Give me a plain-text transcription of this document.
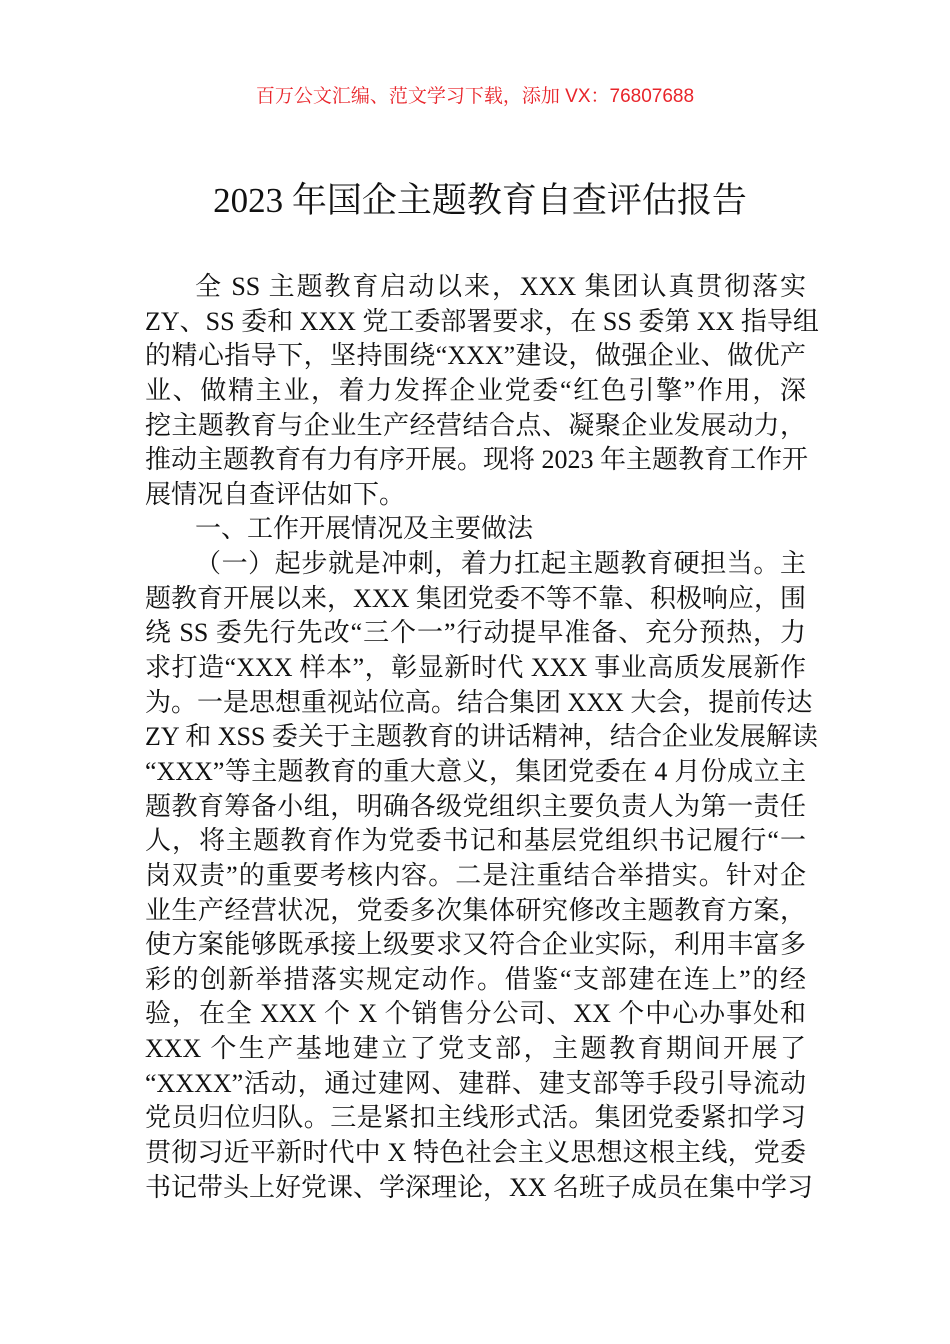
百万公文汇编、范文学习下载，添加 VX：76807688
2023 年国企主题教育自查评估报告
全 SS 主题教育启动以来，XXX 集团认真贯彻落实
ZY、SS 委和 XXX 党工委部署要求，在 SS 委第 XX 指导组
的精心指导下，坚持围绕“XXX”建设，做强企业、做优产
业、做精主业，着力发挥企业党委“红色引擎”作用，深
挖主题教育与企业生产经营结合点、凝聚企业发展动力，
推动主题教育有力有序开展。现将 2023 年主题教育工作开
展情况自查评估如下。
一、工作开展情况及主要做法
（一）起步就是冲刺，着力扛起主题教育硬担当。主
题教育开展以来，XXX 集团党委不等不靠、积极响应，围
绕 SS 委先行先改“三个一”行动提早准备、充分预热，力
求打造“XXX 样本”，彰显新时代 XXX 事业高质发展新作
为。一是思想重视站位高。结合集团 XXX 大会，提前传达
ZY 和 XSS 委关于主题教育的讲话精神，结合企业发展解读
“XXX”等主题教育的重大意义，集团党委在 4 月份成立主
题教育筹备小组，明确各级党组织主要负责人为第一责任
人，将主题教育作为党委书记和基层党组织书记履行“一
岗双责”的重要考核内容。二是注重结合举措实。针对企
业生产经营状况，党委多次集体研究修改主题教育方案，
使方案能够既承接上级要求又符合企业实际，利用丰富多
彩的创新举措落实规定动作。借鉴“支部建在连上”的经
验，在全 XXX 个 X 个销售分公司、XX 个中心办事处和
XXX 个生产基地建立了党支部，主题教育期间开展了
“XXXX”活动，通过建网、建群、建支部等手段引导流动
党员归位归队。三是紧扣主线形式活。集团党委紧扣学习
贯彻习近平新时代中 X 特色社会主义思想这根主线，党委
书记带头上好党课、学深理论，XX 名班子成员在集中学习
